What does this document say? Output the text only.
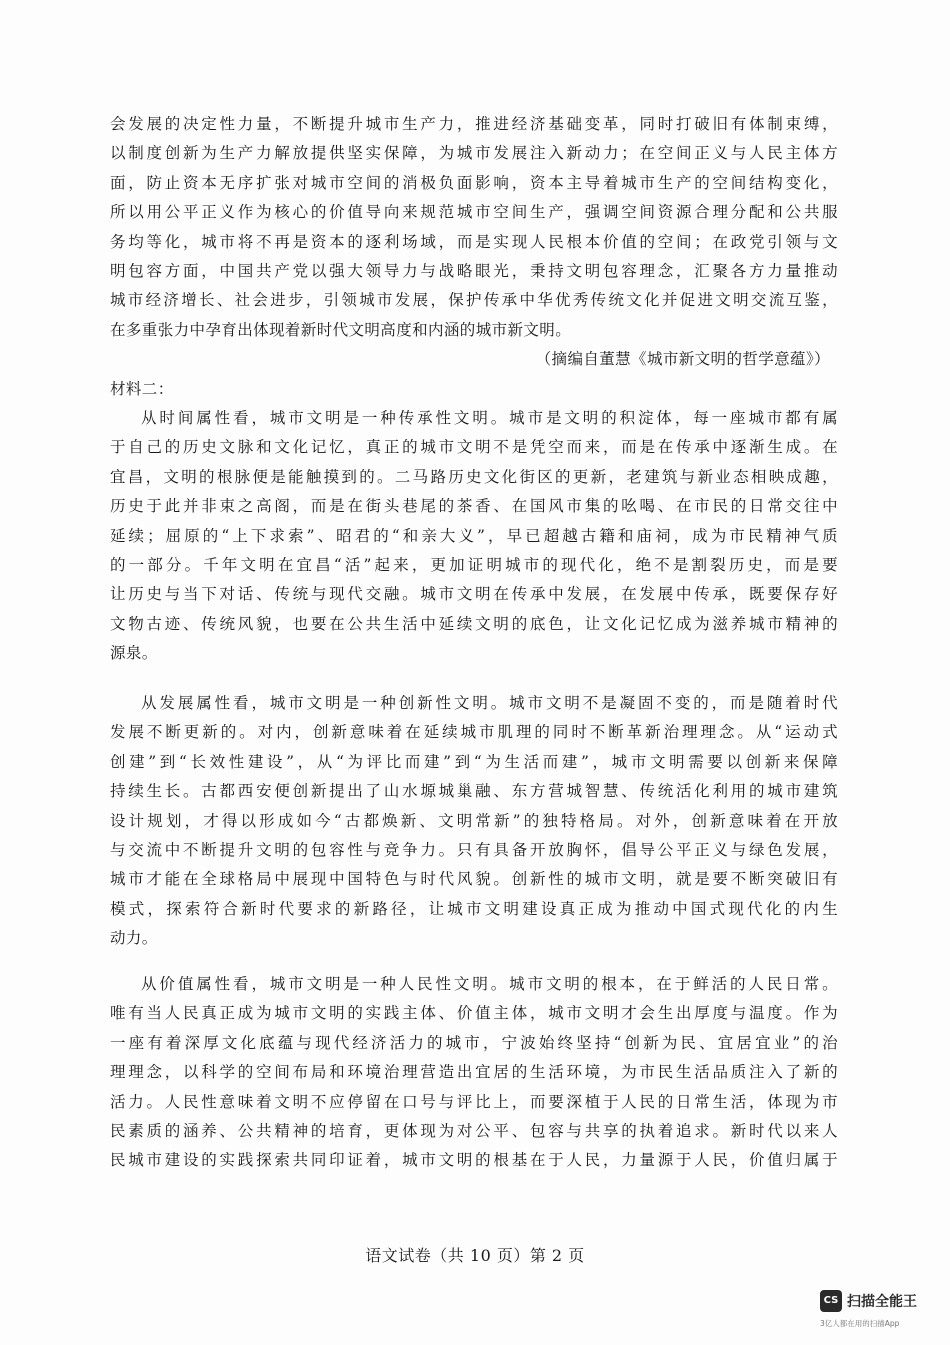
会发展的决定性力量，不断提升城市生产力，推进经济基础变革，同时打破旧有体制束缚，
以制度创新为生产力解放提供坚实保障，为城市发展注入新动力；在空间正义与人民主体方
面，防止资本无序扩张对城市空间的消极负面影响，资本主导着城市生产的空间结构变化，
所以用公平正义作为核心的价值导向来规范城市空间生产，强调空间资源合理分配和公共服
务均等化，城市将不再是资本的逐利场域，而是实现人民根本价值的空间；在政党引领与文
明包容方面，中国共产党以强大领导力与战略眼光，秉持文明包容理念，汇聚各方力量推动
城市经济增长、社会进步，引领城市发展，保护传承中华优秀传统文化并促进文明交流互鉴，
在多重张力中孕育出体现着新时代文明高度和内涵的城市新文明。
（摘编自董慧《城市新文明的哲学意蕴》）
材料二：
从时间属性看，城市文明是一种传承性文明。城市是文明的积淀体，每一座城市都有属
于自己的历史文脉和文化记忆，真正的城市文明不是凭空而来，而是在传承中逐渐生成。在
宜昌，文明的根脉便是能触摸到的。二马路历史文化街区的更新，老建筑与新业态相映成趣，
历史于此并非束之高阁，而是在街头巷尾的茶香、在国风市集的吆喝、在市民的日常交往中
延续；屈原的“上下求索”、昭君的“和亲大义”，早已超越古籍和庙祠，成为市民精神气质
的一部分。千年文明在宜昌“活”起来，更加证明城市的现代化，绝不是割裂历史，而是要
让历史与当下对话、传统与现代交融。城市文明在传承中发展，在发展中传承，既要保存好
文物古迹、传统风貌，也要在公共生活中延续文明的底色，让文化记忆成为滋养城市精神的
源泉。
从发展属性看，城市文明是一种创新性文明。城市文明不是凝固不变的，而是随着时代
发展不断更新的。对内，创新意味着在延续城市肌理的同时不断革新治理理念。从“运动式
创建”到“长效性建设”，从“为评比而建”到“为生活而建”，城市文明需要以创新来保障
持续生长。古都西安便创新提出了山水塬城巢融、东方营城智慧、传统活化利用的城市建筑
设计规划，才得以形成如今“古都焕新、文明常新”的独特格局。对外，创新意味着在开放
与交流中不断提升文明的包容性与竞争力。只有具备开放胸怀，倡导公平正义与绿色发展，
城市才能在全球格局中展现中国特色与时代风貌。创新性的城市文明，就是要不断突破旧有
模式，探索符合新时代要求的新路径，让城市文明建设真正成为推动中国式现代化的内生
动力。
从价值属性看，城市文明是一种人民性文明。城市文明的根本，在于鲜活的人民日常。
唯有当人民真正成为城市文明的实践主体、价值主体，城市文明才会生出厚度与温度。作为
一座有着深厚文化底蕴与现代经济活力的城市，宁波始终坚持“创新为民、宜居宜业”的治
理理念，以科学的空间布局和环境治理营造出宜居的生活环境，为市民生活品质注入了新的
活力。人民性意味着文明不应停留在口号与评比上，而要深植于人民的日常生活，体现为市
民素质的涵养、公共精神的培育，更体现为对公平、包容与共享的执着追求。新时代以来人
民城市建设的实践探索共同印证着，城市文明的根基在于人民，力量源于人民，价值归属于
语文试卷（共 10 页）第 2 页
CS 扫描全能王
3亿人都在用的扫描App
